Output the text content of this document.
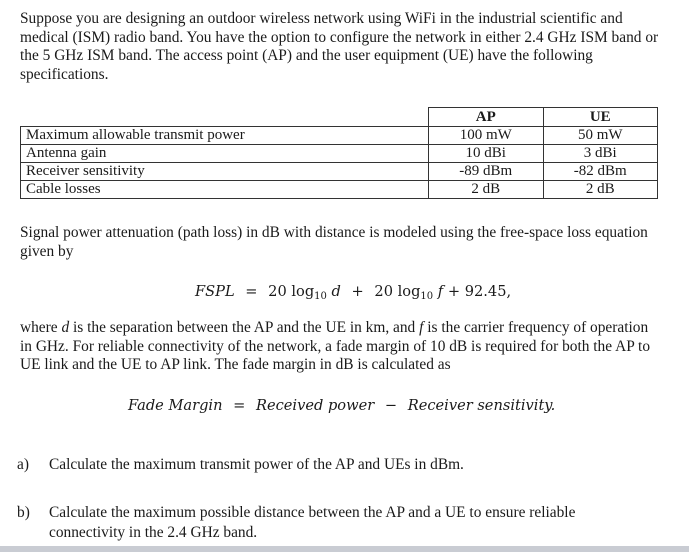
Suppose you are designing an outdoor wireless network using WiFi in the industrial scientific and medical (ISM) radio band. You have the option to configure the network in either 2.4 GHz ISM band or the 5 GHz ISM band. The access point (AP) and the user equipment (UE) have the following specifications.

	AP	UE
Maximum allowable transmit power	100 mW	50 mW
Antenna gain	10 dBi	3 dBi
Receiver sensitivity	-89 dBm	-82 dBm
Cable losses	2 dB	2 dB

Signal power attenuation (path loss) in dB with distance is modeled using the free-space loss equation given by

FSPL = 20 $\log_{10} d + 20$ $\log_{10} f + 92.45$,

where d is the separation between the AP and the UE in km, and f is the carrier frequency of operation in GHz. For reliable connectivity of the network, a fade margin of 10 dB is required for both the AP to UE link and the UE to AP link. The fade margin in dB is calculated as

Fade Margin = Received power − Receiver sensitivity.
a) Calculate the maximum transmit power of the AP and UEs in dBm.
b) Calculate the maximum possible distance between the AP and a UE to ensure reliable connectivity in the 2.4 GHz band.
